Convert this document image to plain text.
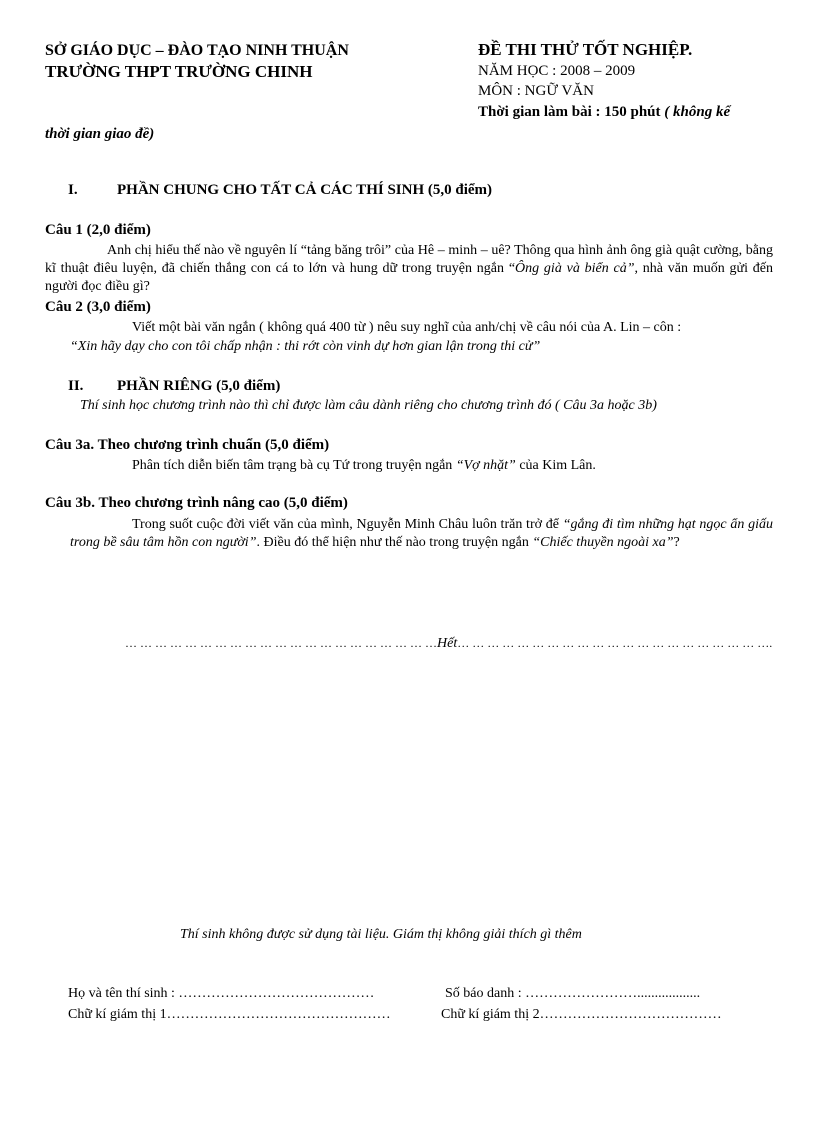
SỞ GIÁO DỤC – ĐÀO TẠO NINH THUẬN
TRƯỜNG THPT TRƯỜNG CHINH
ĐỀ THI THỬ TỐT NGHIỆP.
NĂM HỌC : 2008 – 2009
MÔN : NGỮ VĂN
Thời gian làm bài : 150 phút ( không kể
thời gian giao đề)
I.	PHẦN CHUNG CHO TẤT CẢ CÁC THÍ SINH (5,0 điểm)
Câu 1 (2,0 điểm)
Anh chị hiểu thế nào về nguyên lí “tảng băng trôi” của Hê – minh – uê? Thông qua hình ảnh ông già quật cường, bằng kĩ thuật điêu luyện, đã chiến thắng con cá to lớn và hung dữ trong truyện ngắn “Ông già và biển cả”, nhà văn muốn gửi đến người đọc điều gì?
Câu 2 (3,0 điểm)
Viết một bài văn ngắn ( không quá 400 từ ) nêu suy nghĩ của anh/chị về câu nói của A. Lin – côn :
“Xin hãy dạy cho con tôi chấp nhận : thi rớt còn vinh dự hơn gian lận trong thi cử”
II. PHẦN RIÊNG (5,0 điểm)
Thí sinh học chương trình nào thì chỉ được làm câu dành riêng cho chương trình đó ( Câu 3a hoặc 3b)
Câu 3a. Theo chương trình chuẩn (5,0 điểm)
Phân tích diễn biến tâm trạng bà cụ Tứ trong truyện ngắn “Vợ nhặt” của Kim Lân.
Câu 3b. Theo chương trình nâng cao (5,0 điểm)
Trong suốt cuộc đời viết văn của mình, Nguyễn Minh Châu luôn trăn trở để “gắng đi tìm những hạt ngọc ẩn giấu trong bề sâu tâm hồn con người”. Điều đó thể hiện như thế nào trong truyện ngắn “Chiếc thuyền ngoài xa”?
… … … … … … … … … … … … … … … … … … … … …Hết… … … … … … … … … … … … … … … … … … … … ….
Thí sinh không được sử dụng tài liệu. Giám thị không giải thích gì thêm
Họ và tên thí sinh : ……………………………………	Số báo danh : ……………………..................
Chữ kí giám thị 1…………………………………………	Chữ kí giám thị 2…………………………………
